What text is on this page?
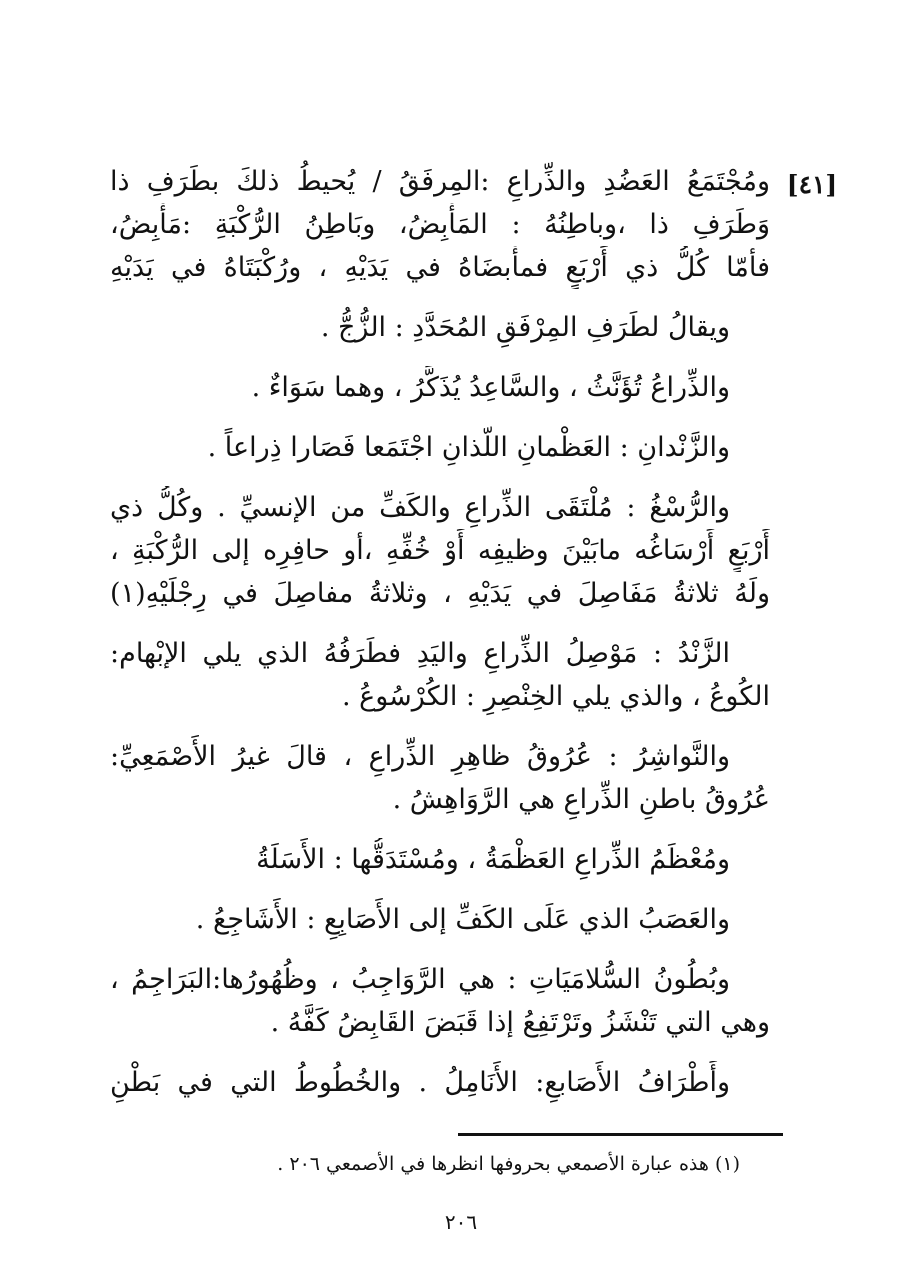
[٤١]
ومُجْتَمَعُ العَضُدِ والذِّراعِ :المِرفَقُ / يُحيطُ ذلكَ بطَرَفِ ذا
وَطَرَفِ ذا ،وباطِنُهُ : المَأْبِضُ، وبَاطِنُ الرُّكْبَةِ :مَأْبِضُ،
فأمّا كُلُّ ذي أَرْبَعٍ فمأْبضَاهُ في يَدَيْهِ ، ورُكْبَتَاهُ في يَدَيْهِ
ويقالُ لطَرَفِ المِرْفَقِ المُحَدَّدِ : الزُّجُّ .
والذِّراعُ تُؤَنَّثُ ، والسَّاعِدُ يُذَكَّرُ ، وهما سَوَاءٌ .
والزَّنْدانِ : العَظْمانِ اللّذانِ اجْتَمَعا فَصَارا ذِراعاً .
والرُّسْغُ : مُلْتَقَى الذِّراعِ والكَفِّ من الإنسيِّ . وكُلُّ ذي
أَرْبَعٍ أَرْسَاغُه مابَيْنَ وظيفِه أَوْ خُفِّهِ ،أو حافِرِه إلى الرُّكْبَةِ ،
ولَهُ ثلاثةُ مَفَاصِلَ في يَدَيْهِ ، وثلاثةُ مفاصِلَ في رِجْلَيْهِ(١)
الزَّنْدُ : مَوْصِلُ الذِّراعِ واليَدِ فطَرَفُهُ الذي يلي الإبْهام:
الكُوعُ ، والذي يلي الخِنْصِرِ : الكُرْسُوعُ .
والنَّواشِرُ : عُرُوقُ ظاهِرِ الذِّراعِ ، قالَ غيرُ الأَصْمَعِيِّ:
عُرُوقُ باطنِ الذِّراعِ هي الرَّوَاهِشُ .
ومُعْظَمُ الذِّراعِ العَظْمَةُ ، ومُسْتَدَقُّها : الأَسَلَةُ
والعَصَبُ الذي عَلَى الكَفِّ إلى الأَصَابِعِ : الأَشَاجِعُ .
وبُطُونُ السُّلامَيَاتِ : هي الرَّوَاجِبُ ، وظُهُورُها:البَرَاجِمُ ،
وهي التي تَنْشَزُ وتَرْتَفِعُ إذا قَبَضَ القَابِضُ كَفَّهُ .
وأَطْرَافُ الأَصَابعِ: الأَنَامِلُ . والخُطُوطُ التي في بَطْنِ
(١) هذه عبارة الأصمعي بحروفها انظرها في الأصمعي ٢٠٦ .
٢٠٦
